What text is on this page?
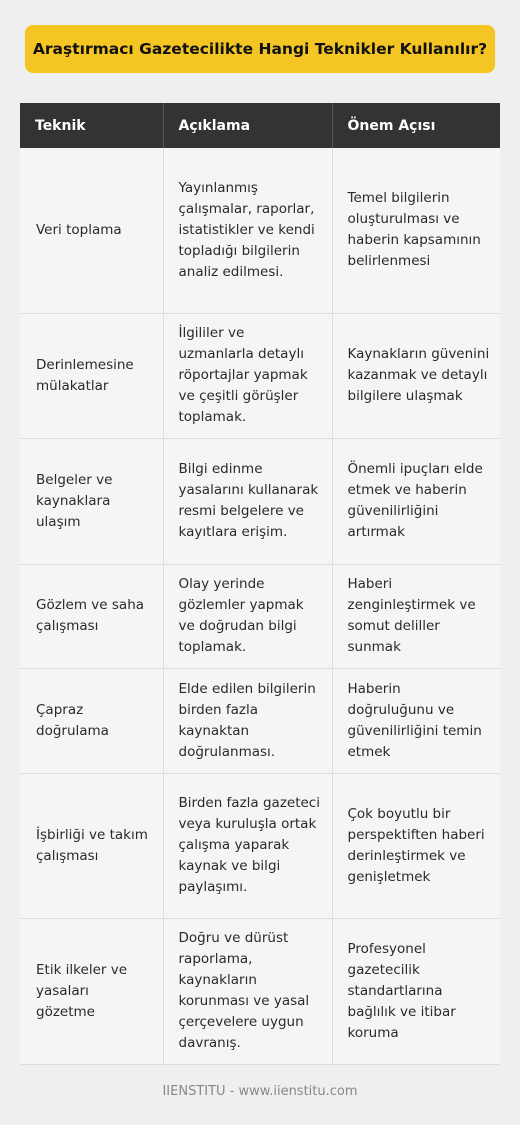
Araştırmacı Gazetecilikte Hangi Teknikler Kullanılır?
Teknik	Açıklama	Önem Açısı
Veri toplama	Yayınlanmış çalışmalar, raporlar, istatistikler ve kendi topladığı bilgilerin analiz edilmesi.	Temel bilgilerin oluşturulması ve haberin kapsamının belirlenmesi
Derinlemesine mülakatlar	İlgililer ve uzmanlarla detaylı röportajlar yapmak ve çeşitli görüşler toplamak.	Kaynakların güvenini kazanmak ve detaylı bilgilere ulaşmak
Belgeler ve kaynaklara ulaşım	Bilgi edinme yasalarını kullanarak resmi belgelere ve kayıtlara erişim.	Önemli ipuçları elde etmek ve haberin güvenilirliğini artırmak
Gözlem ve saha çalışması	Olay yerinde gözlemler yapmak ve doğrudan bilgi toplamak.	Haberi zenginleştirmek ve somut deliller sunmak
Çapraz doğrulama	Elde edilen bilgilerin birden fazla kaynaktan doğrulanması.	Haberin doğruluğunu ve güvenilirliğini temin etmek
İşbirliği ve takım çalışması	Birden fazla gazeteci veya kuruluşla ortak çalışma yaparak kaynak ve bilgi paylaşımı.	Çok boyutlu bir perspektiften haberi derinleştirmek ve genişletmek
Etik ilkeler ve yasaları gözetme	Doğru ve dürüst raporlama, kaynakların korunması ve yasal çerçevelere uygun davranış.	Profesyonel gazetecilik standartlarına bağlılık ve itibar koruma
IIENSTITU - www.iienstitu.com
